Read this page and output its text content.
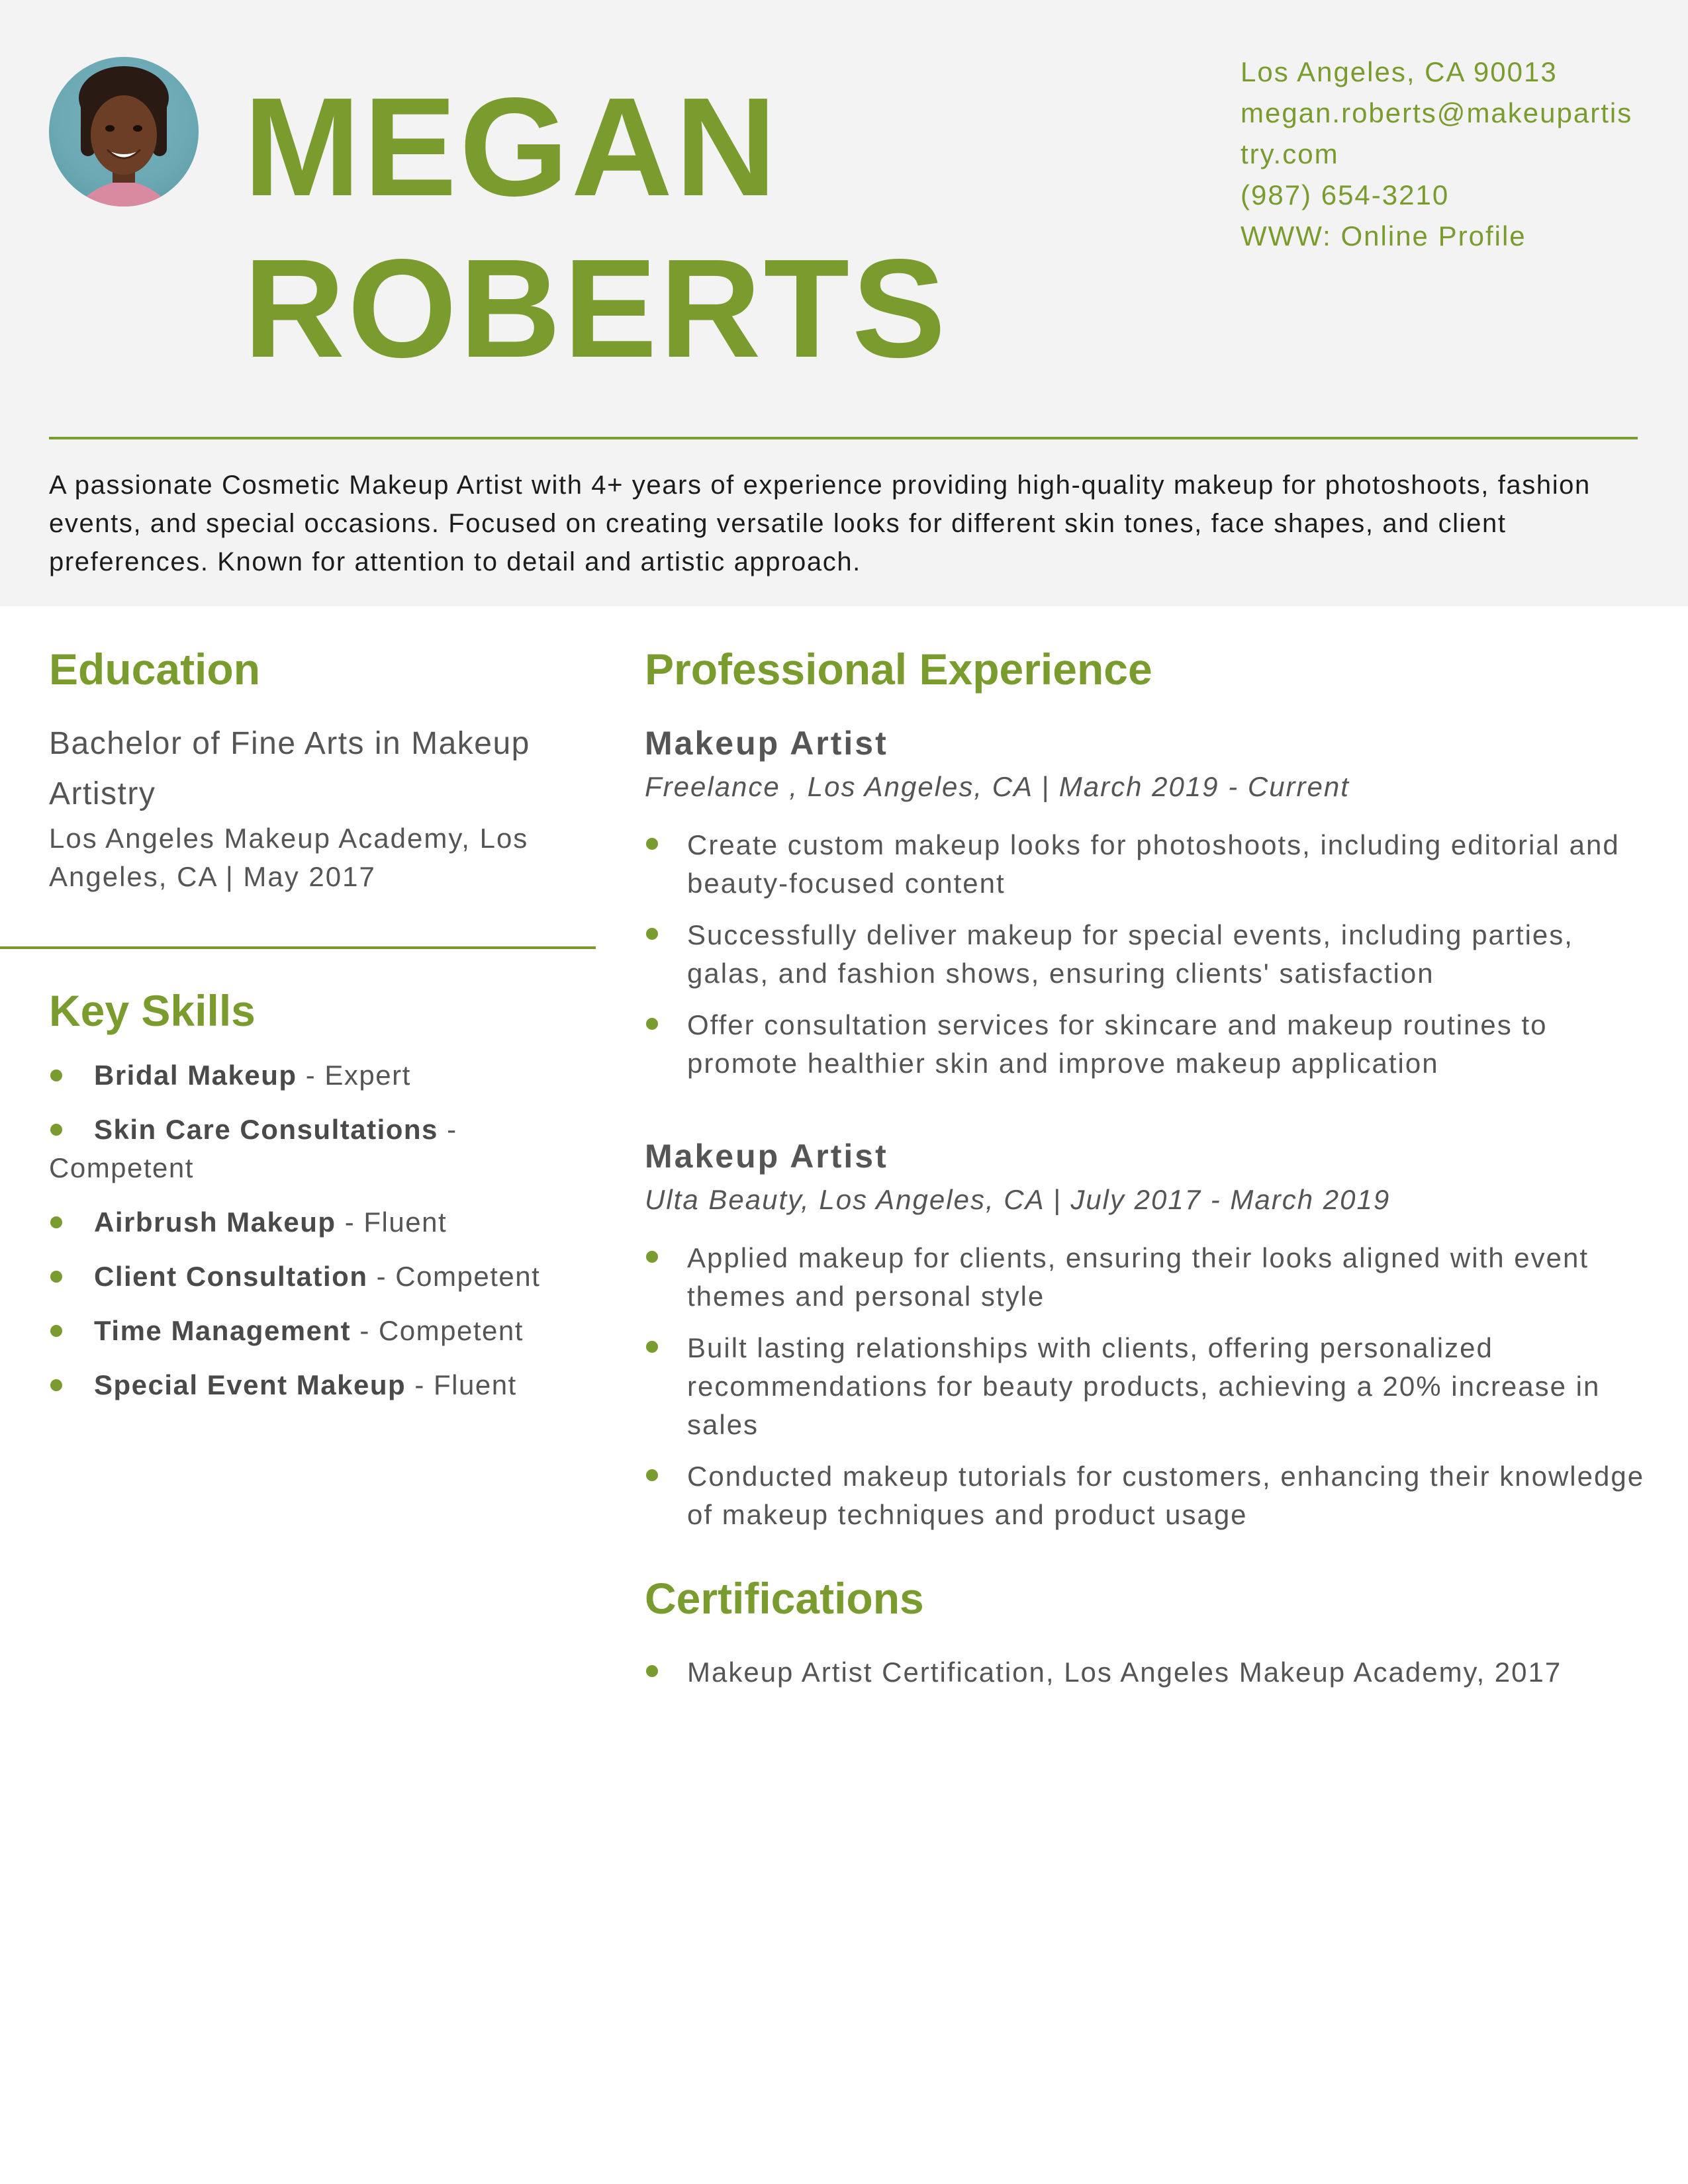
MEGAN
ROBERTS
Los Angeles, CA 90013
megan.roberts@makeupartistry.com
(987) 654-3210
WWW: Online Profile
A passionate Cosmetic Makeup Artist with 4+ years of experience providing high-quality makeup for photoshoots, fashion events, and special occasions. Focused on creating versatile looks for different skin tones, face shapes, and client preferences. Known for attention to detail and artistic approach.
Education
Bachelor of Fine Arts in Makeup Artistry
Los Angeles Makeup Academy, Los Angeles, CA | May 2017
Key Skills
Bridal Makeup - Expert
Skin Care Consultations - Competent
Airbrush Makeup - Fluent
Client Consultation - Competent
Time Management - Competent
Special Event Makeup - Fluent
Professional Experience
Makeup Artist
Freelance , Los Angeles, CA | March 2019 - Current
Create custom makeup looks for photoshoots, including editorial and beauty-focused content
Successfully deliver makeup for special events, including parties, galas, and fashion shows, ensuring clients' satisfaction
Offer consultation services for skincare and makeup routines to promote healthier skin and improve makeup application
Makeup Artist
Ulta Beauty, Los Angeles, CA | July 2017 - March 2019
Applied makeup for clients, ensuring their looks aligned with event themes and personal style
Built lasting relationships with clients, offering personalized recommendations for beauty products, achieving a 20% increase in sales
Conducted makeup tutorials for customers, enhancing their knowledge of makeup techniques and product usage
Certifications
Makeup Artist Certification, Los Angeles Makeup Academy, 2017
